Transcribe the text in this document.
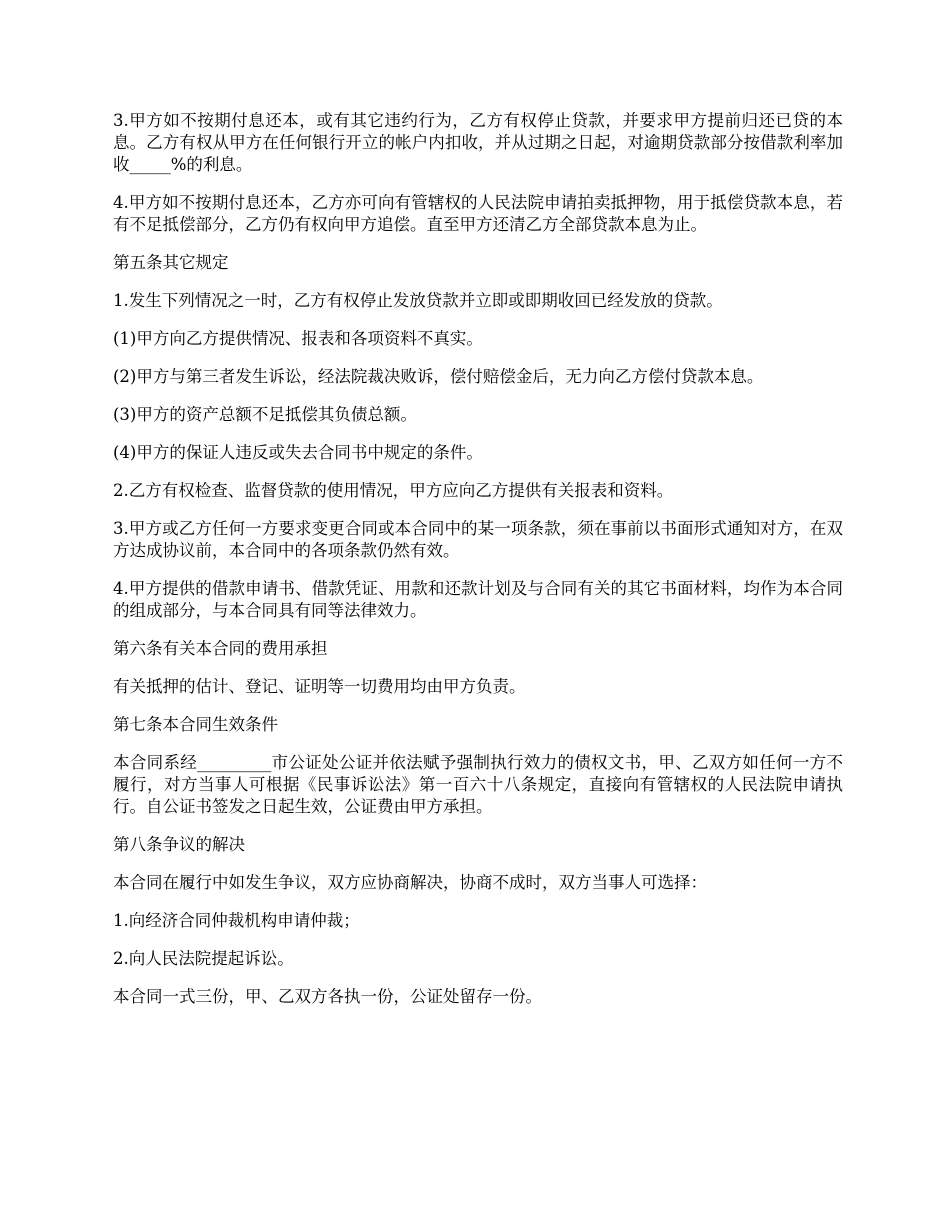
3.甲方如不按期付息还本，或有其它违约行为，乙方有权停止贷款，并要求甲方提前归还已贷的本息。乙方有权从甲方在任何银行开立的帐户内扣收，并从过期之日起，对逾期贷款部分按借款利率加收_____%的利息。

4.甲方如不按期付息还本，乙方亦可向有管辖权的人民法院申请拍卖抵押物，用于抵偿贷款本息，若有不足抵偿部分，乙方仍有权向甲方追偿。直至甲方还清乙方全部贷款本息为止。

第五条其它规定

1.发生下列情况之一时，乙方有权停止发放贷款并立即或即期收回已经发放的贷款。

(1)甲方向乙方提供情况、报表和各项资料不真实。

(2)甲方与第三者发生诉讼，经法院裁决败诉，偿付赔偿金后，无力向乙方偿付贷款本息。

(3)甲方的资产总额不足抵偿其负债总额。

(4)甲方的保证人违反或失去合同书中规定的条件。

2.乙方有权检查、监督贷款的使用情况，甲方应向乙方提供有关报表和资料。

3.甲方或乙方任何一方要求变更合同或本合同中的某一项条款，须在事前以书面形式通知对方，在双方达成协议前，本合同中的各项条款仍然有效。

4.甲方提供的借款申请书、借款凭证、用款和还款计划及与合同有关的其它书面材料，均作为本合同的组成部分，与本合同具有同等法律效力。

第六条有关本合同的费用承担

有关抵押的估计、登记、证明等一切费用均由甲方负责。

第七条本合同生效条件

本合同系经_________市公证处公证并依法赋予强制执行效力的债权文书，甲、乙双方如任何一方不履行，对方当事人可根据《民事诉讼法》第一百六十八条规定，直接向有管辖权的人民法院申请执行。自公证书签发之日起生效，公证费由甲方承担。

第八条争议的解决

本合同在履行中如发生争议，双方应协商解决，协商不成时，双方当事人可选择：

1.向经济合同仲裁机构申请仲裁；

2.向人民法院提起诉讼。

本合同一式三份，甲、乙双方各执一份，公证处留存一份。
